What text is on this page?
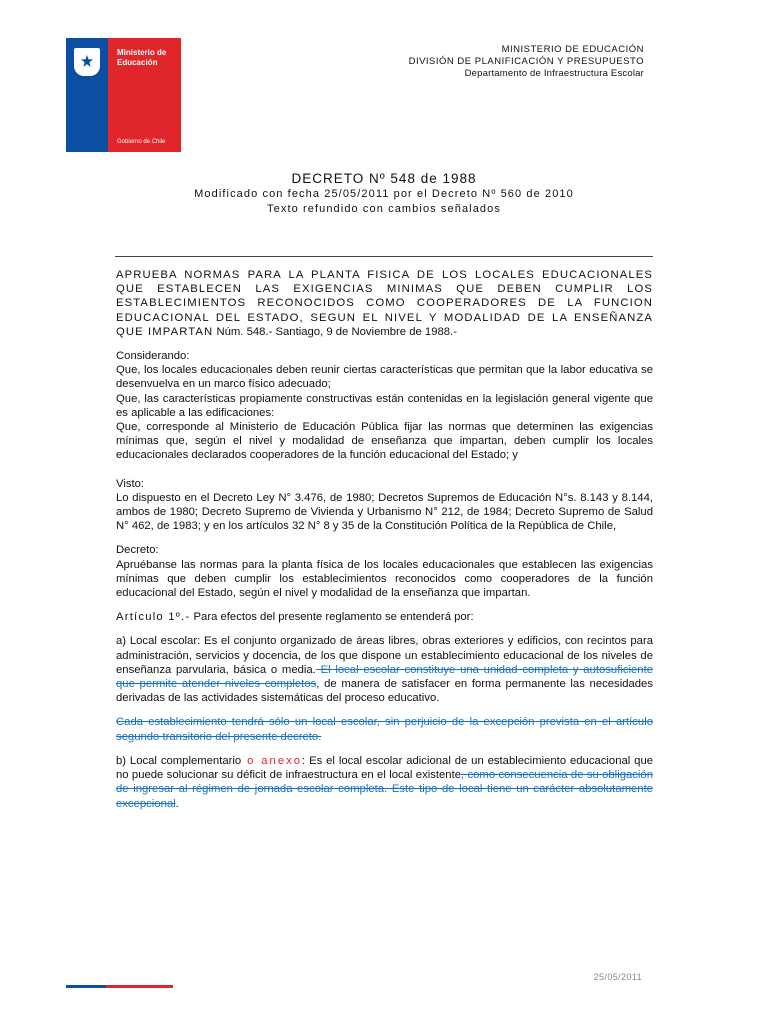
Ministerio de Educación
Gobierno de Chile
MINISTERIO DE EDUCACIÓN
DIVISIÓN DE PLANIFICACIÓN Y PRESUPUESTO
Departamento de Infraestructura Escolar
DECRETO Nº 548 de 1988
Modificado con fecha 25/05/2011 por el Decreto Nº 560 de 2010
Texto refundido con cambios señalados

APRUEBA NORMAS PARA LA PLANTA FISICA DE LOS LOCALES EDUCACIONALES QUE ESTABLECEN LAS EXIGENCIAS MINIMAS QUE DEBEN CUMPLIR LOS ESTABLECIMIENTOS RECONOCIDOS COMO COOPERADORES DE LA FUNCION EDUCACIONAL DEL ESTADO, SEGUN EL NIVEL Y MODALIDAD DE LA ENSEÑANZA QUE IMPARTAN Núm. 548.- Santiago, 9 de Noviembre de 1988.-

Considerando:
Que, los locales educacionales deben reunir ciertas características que permitan que la labor educativa se desenvuelva en un marco físico adecuado;
Que, las características propiamente constructivas están contenidas en la legislación general vigente que es aplicable a las edificaciones:
Que, corresponde al Ministerio de Educación Pública fijar las normas que determinen las exigencias mínimas que, según el nivel y modalidad de enseñanza que impartan, deben cumplir los locales educacionales declarados cooperadores de la función educacional del Estado; y

Visto:
Lo dispuesto en el Decreto Ley N° 3.476, de 1980; Decretos Supremos de Educación N°s. 8.143 y 8.144, ambos de 1980; Decreto Supremo de Vivienda y Urbanismo N° 212, de 1984; Decreto Supremo de Salud N° 462, de 1983; y en los artículos 32 N° 8 y 35 de la Constitución Política de la República de Chile,

Decreto:
Apruébanse las normas para la planta física de los locales educacionales que establecen las exigencias mínimas que deben cumplir los establecimientos reconocidos como cooperadores de la función educacional del Estado, según el nivel y modalidad de la enseñanza que impartan.

Artículo 1º.- Para efectos del presente reglamento se entenderá por:

a) Local escolar: Es el conjunto organizado de áreas libres, obras exteriores y edificios, con recintos para administración, servicios y docencia, de los que dispone un establecimiento educacional de los niveles de enseñanza parvularia, básica o media. El local escolar constituye una unidad completa y autosuficiente que permite atender niveles completos, de manera de satisfacer en forma permanente las necesidades derivadas de las actividades sistemáticas del proceso educativo.

Cada establecimiento tendrá sólo un local escolar, sin perjuicio de la excepción prevista en el artículo segundo transitorio del presente decreto.

b) Local complementario o anexo: Es el local escolar adicional de un establecimiento educacional que no puede solucionar su déficit de infraestructura en el local existente, como consecuencia de su obligación de ingresar al régimen de jornada escolar completa. Este tipo de local tiene un carácter absolutamente excepcional.

25/05/2011
